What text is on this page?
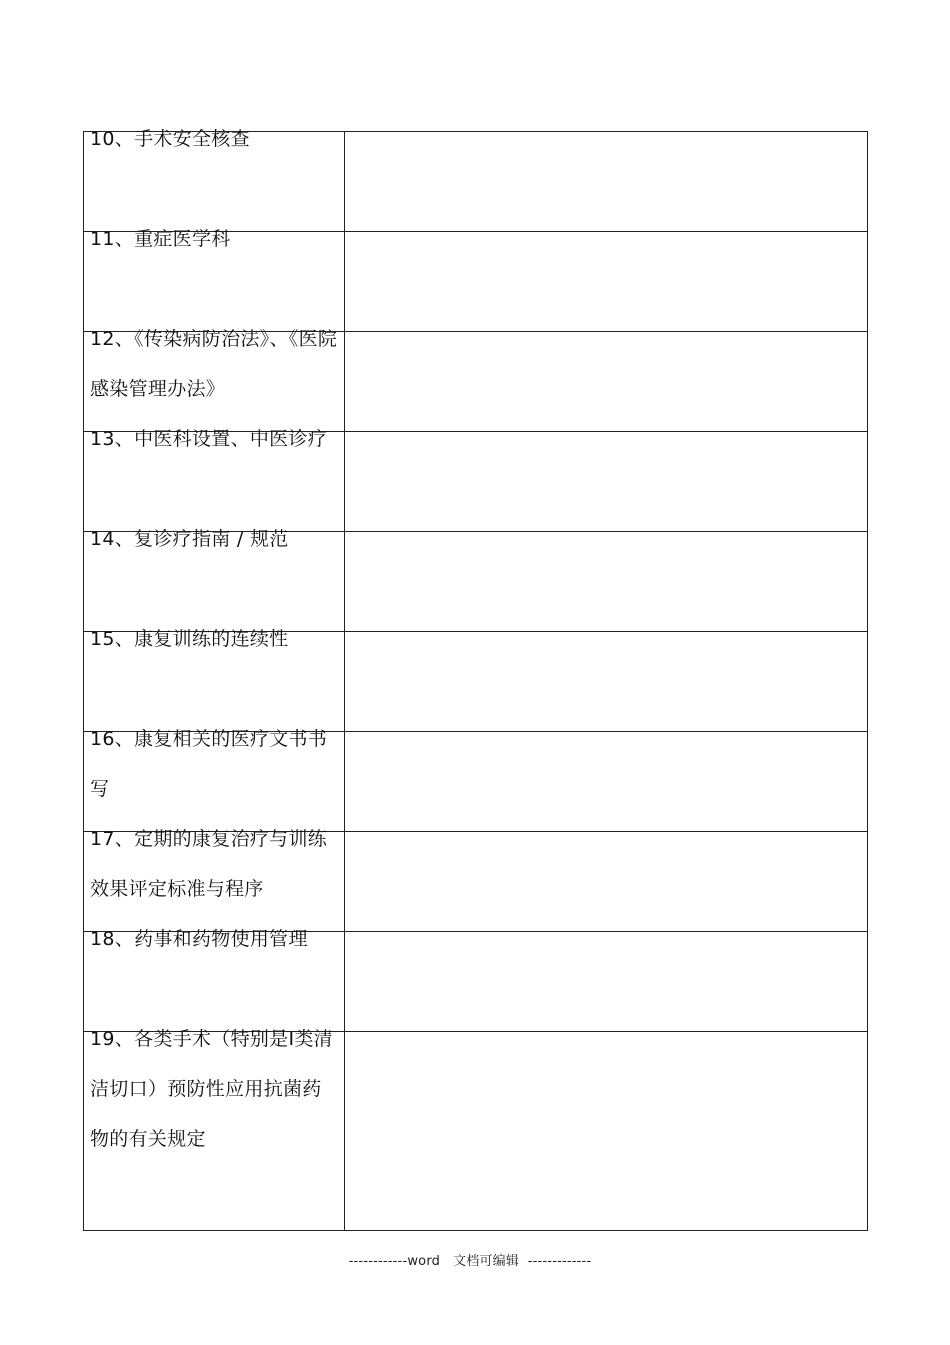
10、手术安全核查	

11、重症医学科	

12、《传染病防治法》、《医院感染管理办法》	

13、中医科设置、中医诊疗	

14、复诊疗指南 / 规范	

15、康复训练的连续性	

16、康复相关的医疗文书书写	

17、定期的康复治疗与训练效果评定标准与程序	

18、药事和药物使用管理	

19、各类手术（特别是Ⅰ类清洁切口）预防性应用抗菌药物的有关规定	

------------word   文档可编辑  -------------
